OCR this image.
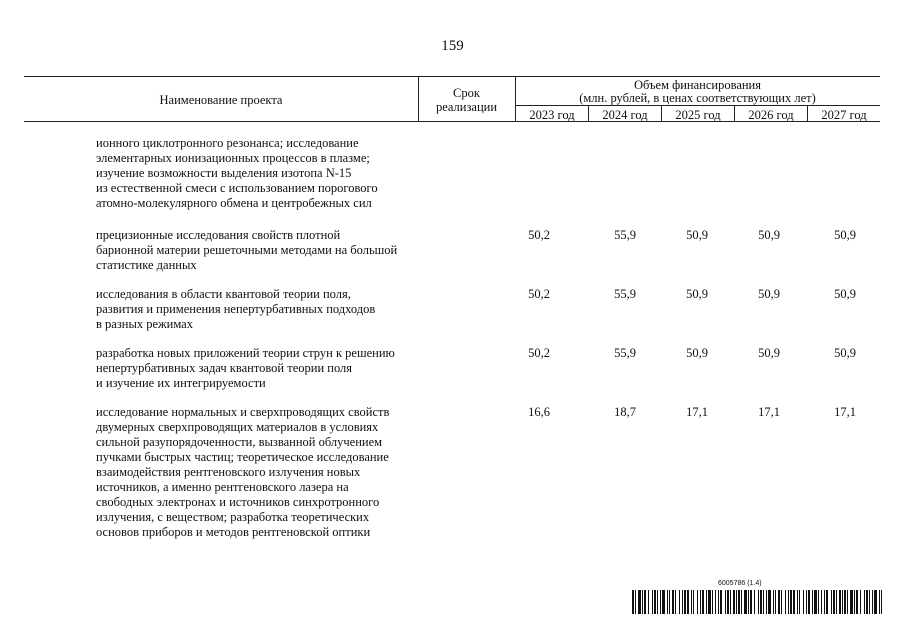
159
Наименование проекта	Срок
реализации
Объем финансирования
(млн. рублей, в ценах соответствующих лет)
2023 год	2024 год	2025 год	2026 год	2027 год
ионного циклотронного резонанса; исследование
элементарных ионизационных процессов в плазме;
изучение возможности выделения изотопа N-15
из естественной смеси с использованием порогового
атомно-молекулярного обмена и центробежных сил
прецизионные исследования свойств плотной
барионной материи решеточными методами на большой
статистике данных
50,2	55,9	50,9	50,9	50,9
исследования в области квантовой теории поля,
развития и применения непертурбативных подходов
в разных режимах
50,2	55,9	50,9	50,9	50,9
разработка новых приложений теории струн к решению
непертурбативных задач квантовой теории поля
и изучение их интегрируемости
50,2	55,9	50,9	50,9	50,9
исследование нормальных и сверхпроводящих свойств
двумерных сверхпроводящих материалов в условиях
сильной разупорядоченности, вызванной облучением
пучками быстрых частиц; теоретическое исследование
взаимодействия рентгеновского излучения новых
источников, а именно рентгеновского лазера на
свободных электронах и источников синхротронного
излучения, с веществом; разработка теоретических
основов приборов и методов рентгеновской оптики
16,6	18,7	17,1	17,1	17,1
6005786 (1.4)
